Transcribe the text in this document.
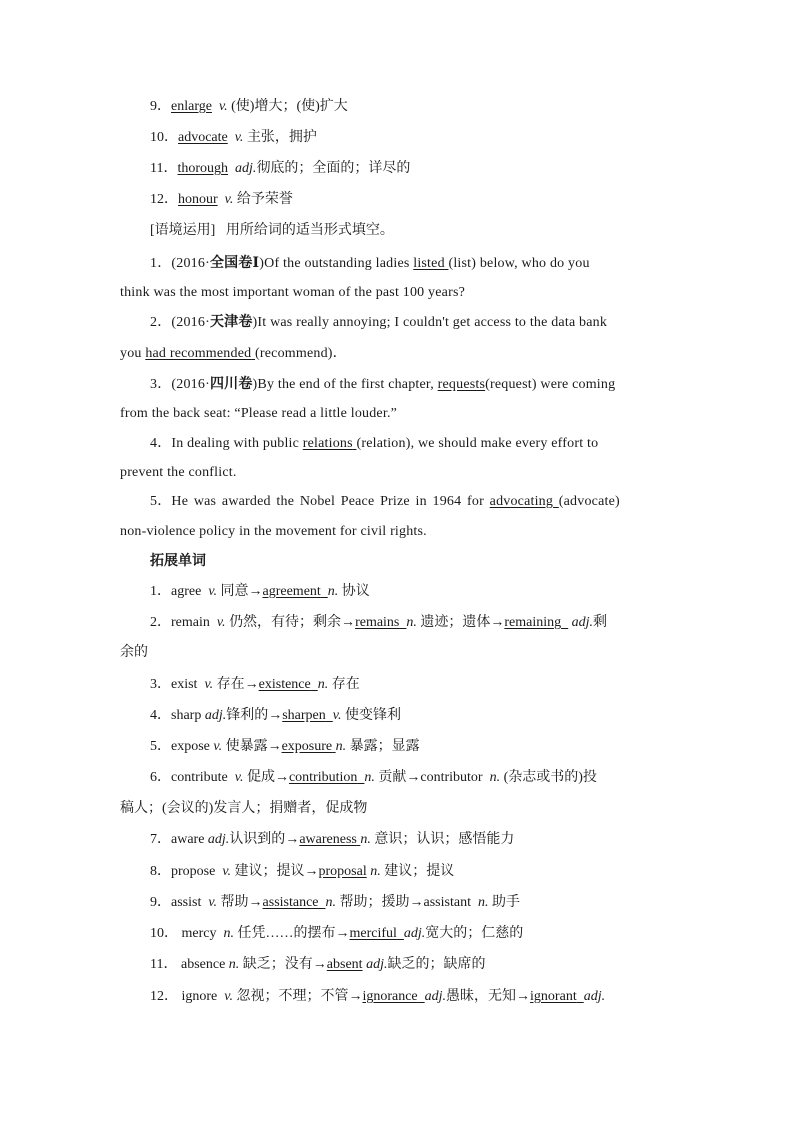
9．enlarge v. (使)增大；(使)扩大
10．advocate v. 主张，拥护
11．thorough adj.彻底的；全面的；详尽的
12．honour v. 给予荣誉
[语境运用] 用所给词的适当形式填空。
1．(2016·全国卷Ⅰ)Of the outstanding ladies listed (list) below, who do you
think was the most important woman of the past 100 years?
2．(2016·天津卷)It was really annoying; I couldn't get access to the data bank
you had recommended (recommend)．
3．(2016·四川卷)By the end of the first chapter, requests(request) were coming
from the back seat: “Please read a little louder.”
4．In dealing with public relations (relation), we should make every effort to
prevent the conflict.
5．He was awarded the Nobel Peace Prize in 1964 for advocating (advocate)
non-violence policy in the movement for civil rights.
拓展单词
1．agree v. 同意→agreement n. 协议
2．remain v. 仍然，有待；剩余→remains n. 遗迹；遗体→remaining adj.剩
余的
3．exist v. 存在→existence n. 存在
4．sharp adj.锋利的→sharpen v. 使变锋利
5．expose v. 使暴露→exposure n. 暴露；显露
6．contribute v. 促成→contribution n. 贡献→contributor n. (杂志或书的)投
稿人；(会议的)发言人；捐赠者，促成物
7．aware adj.认识到的→awareness n. 意识；认识；感悟能力
8．propose v. 建议；提议→proposal n. 建议；提议
9．assist v. 帮助→assistance n. 帮助；援助→assistant n. 助手
10． mercy n. 任凭……的摆布→merciful adj.宽大的；仁慈的
11． absence n. 缺乏；没有→absent adj.缺乏的；缺席的
12． ignore v. 忽视；不理；不管→ignorance adj.愚昧，无知→ignorant adj.
